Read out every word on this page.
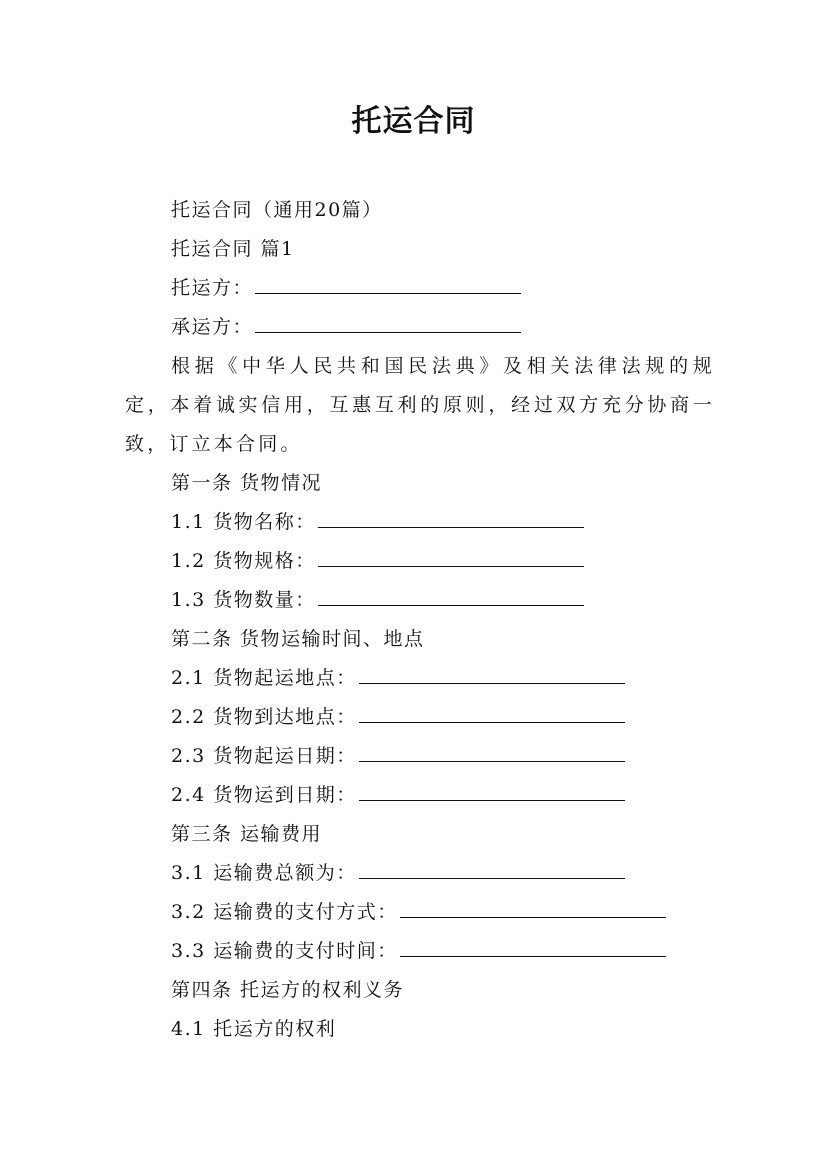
托运合同
托运合同（通用20篇）
托运合同 篇1
托运方：
承运方：
根据《中华人民共和国民法典》及相关法律法规的规定，本着诚实信用，互惠互利的原则，经过双方充分协商一致，订立本合同。
第一条 货物情况
1.1 货物名称：
1.2 货物规格：
1.3 货物数量：
第二条 货物运输时间、地点
2.1 货物起运地点：
2.2 货物到达地点：
2.3 货物起运日期：
2.4 货物运到日期：
第三条 运输费用
3.1 运输费总额为：
3.2 运输费的支付方式：
3.3 运输费的支付时间：
第四条 托运方的权利义务
4.1 托运方的权利
